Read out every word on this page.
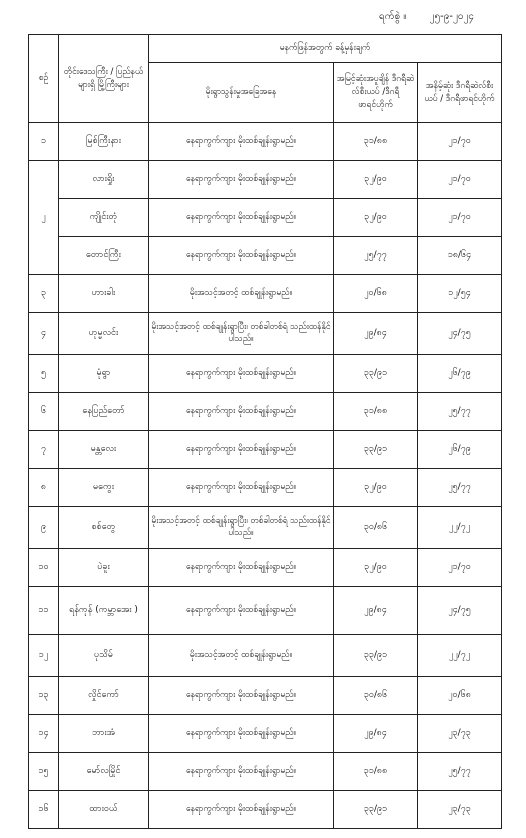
ရက်စွဲ ။ ၂၅-၉-၂၀၂၄
စဉ်	တိုင်းဒေသကြီး / ပြည်နယ်များရှိ မြို့ကြီးများ	မနက်ဖြန်အတွက် ခန့်မှန်းချက်		
		မိုးရွာသွန်းမှုအခြေအနေ	အမြင့်ဆုံးအပူချိန် ဒီဂရီဆဲလ်စီးယပ် /ဒီဂရီဖာရင်ဟိုက်	အနိမ့်ဆုံး ဒီဂရီဆဲလ်စီးယပ် / ဒီဂရီဖာရင်ဟိုက်
၁	မြစ်ကြီးနား	နေရာကွက်ကျား မိုးထစ်ချုန်းရွာမည်။	၃၁/၈၈	၂၁/၇၀
၂	လားရှိုး	နေရာကွက်ကျား မိုးထစ်ချုန်းရွာမည်။	၃၂/၉၀	၂၁/၇၀
	ကျိုင်းတုံ	နေရာကွက်ကျား မိုးထစ်ချုန်းရွာမည်။	၃၂/၉၀	၂၁/၇၀
	တောင်ကြီး	နေရာကွက်ကျား မိုးထစ်ချုန်းရွာမည်။	၂၅/၇၇	၁၈/၆၄
၃	ဟားခါး	မိုးအသင့်အတင့် ထစ်ချုန်းရွာမည်။	၂၀/၆၈	၁၂/၅၄
၄	ဟုမ္မလင်း	မိုးအသင့်အတင့် ထစ်ချုန်းရွာပြီး၊ တစ်ခါတစ်ရံ သည်းထန်နိုင်ပါသည်။	၂၉/၈၄	၂၄/၇၅
၅	မုံရွာ	နေရာကွက်ကျား မိုးထစ်ချုန်းရွာမည်။	၃၃/၉၁	၂၆/၇၉
၆	နေပြည်တော်	နေရာကွက်ကျား မိုးထစ်ချုန်းရွာမည်။	၃၁/၈၈	၂၅/၇၇
၇	မန္တလေး	နေရာကွက်ကျား မိုးထစ်ချုန်းရွာမည်။	၃၃/၉၁	၂၆/၇၉
၈	မကွေး	နေရာကွက်ကျား မိုးထစ်ချုန်းရွာမည်။	၃၂/၉၀	၂၅/၇၇
၉	စစ်တွေ	မိုးအသင့်အတင့် ထစ်ချုန်းရွာပြီး၊ တစ်ခါတစ်ရံ သည်းထန်နိုင်ပါသည်။	၃၀/၈၆	၂၂/၇၂
၁၀	ပဲခူး	နေရာကွက်ကျား မိုးထစ်ချုန်းရွာမည်။	၃၂/၉၀	၂၁/၇၀
၁၁	ရန်ကုန် (ကမ္ဘာအေး )	နေရာကွက်ကျား မိုးထစ်ချုန်းရွာမည်။	၂၉/၈၄	၂၄/၇၅
၁၂	ပုသိမ်	မိုးအသင့်အတင့် ထစ်ချုန်းရွာမည်။	၃၃/၉၁	၂၂/၇၂
၁၃	လှိုင်ကော်	နေရာကွက်ကျား မိုးထစ်ချုန်းရွာမည်။	၃၀/၈၆	၂၀/၆၈
၁၄	ဘားအံ	နေရာကွက်ကျား မိုးထစ်ချုန်းရွာမည်။	၂၉/၈၄	၂၃/၇၃
၁၅	မော်လမြိုင်	နေရာကွက်ကျား မိုးထစ်ချုန်းရွာမည်။	၃၁/၈၈	၂၅/၇၇
၁၆	ထားဝယ်	နေရာကွက်ကျား မိုးထစ်ချုန်းရွာမည်။	၃၃/၉၁	၂၃/၇၃
